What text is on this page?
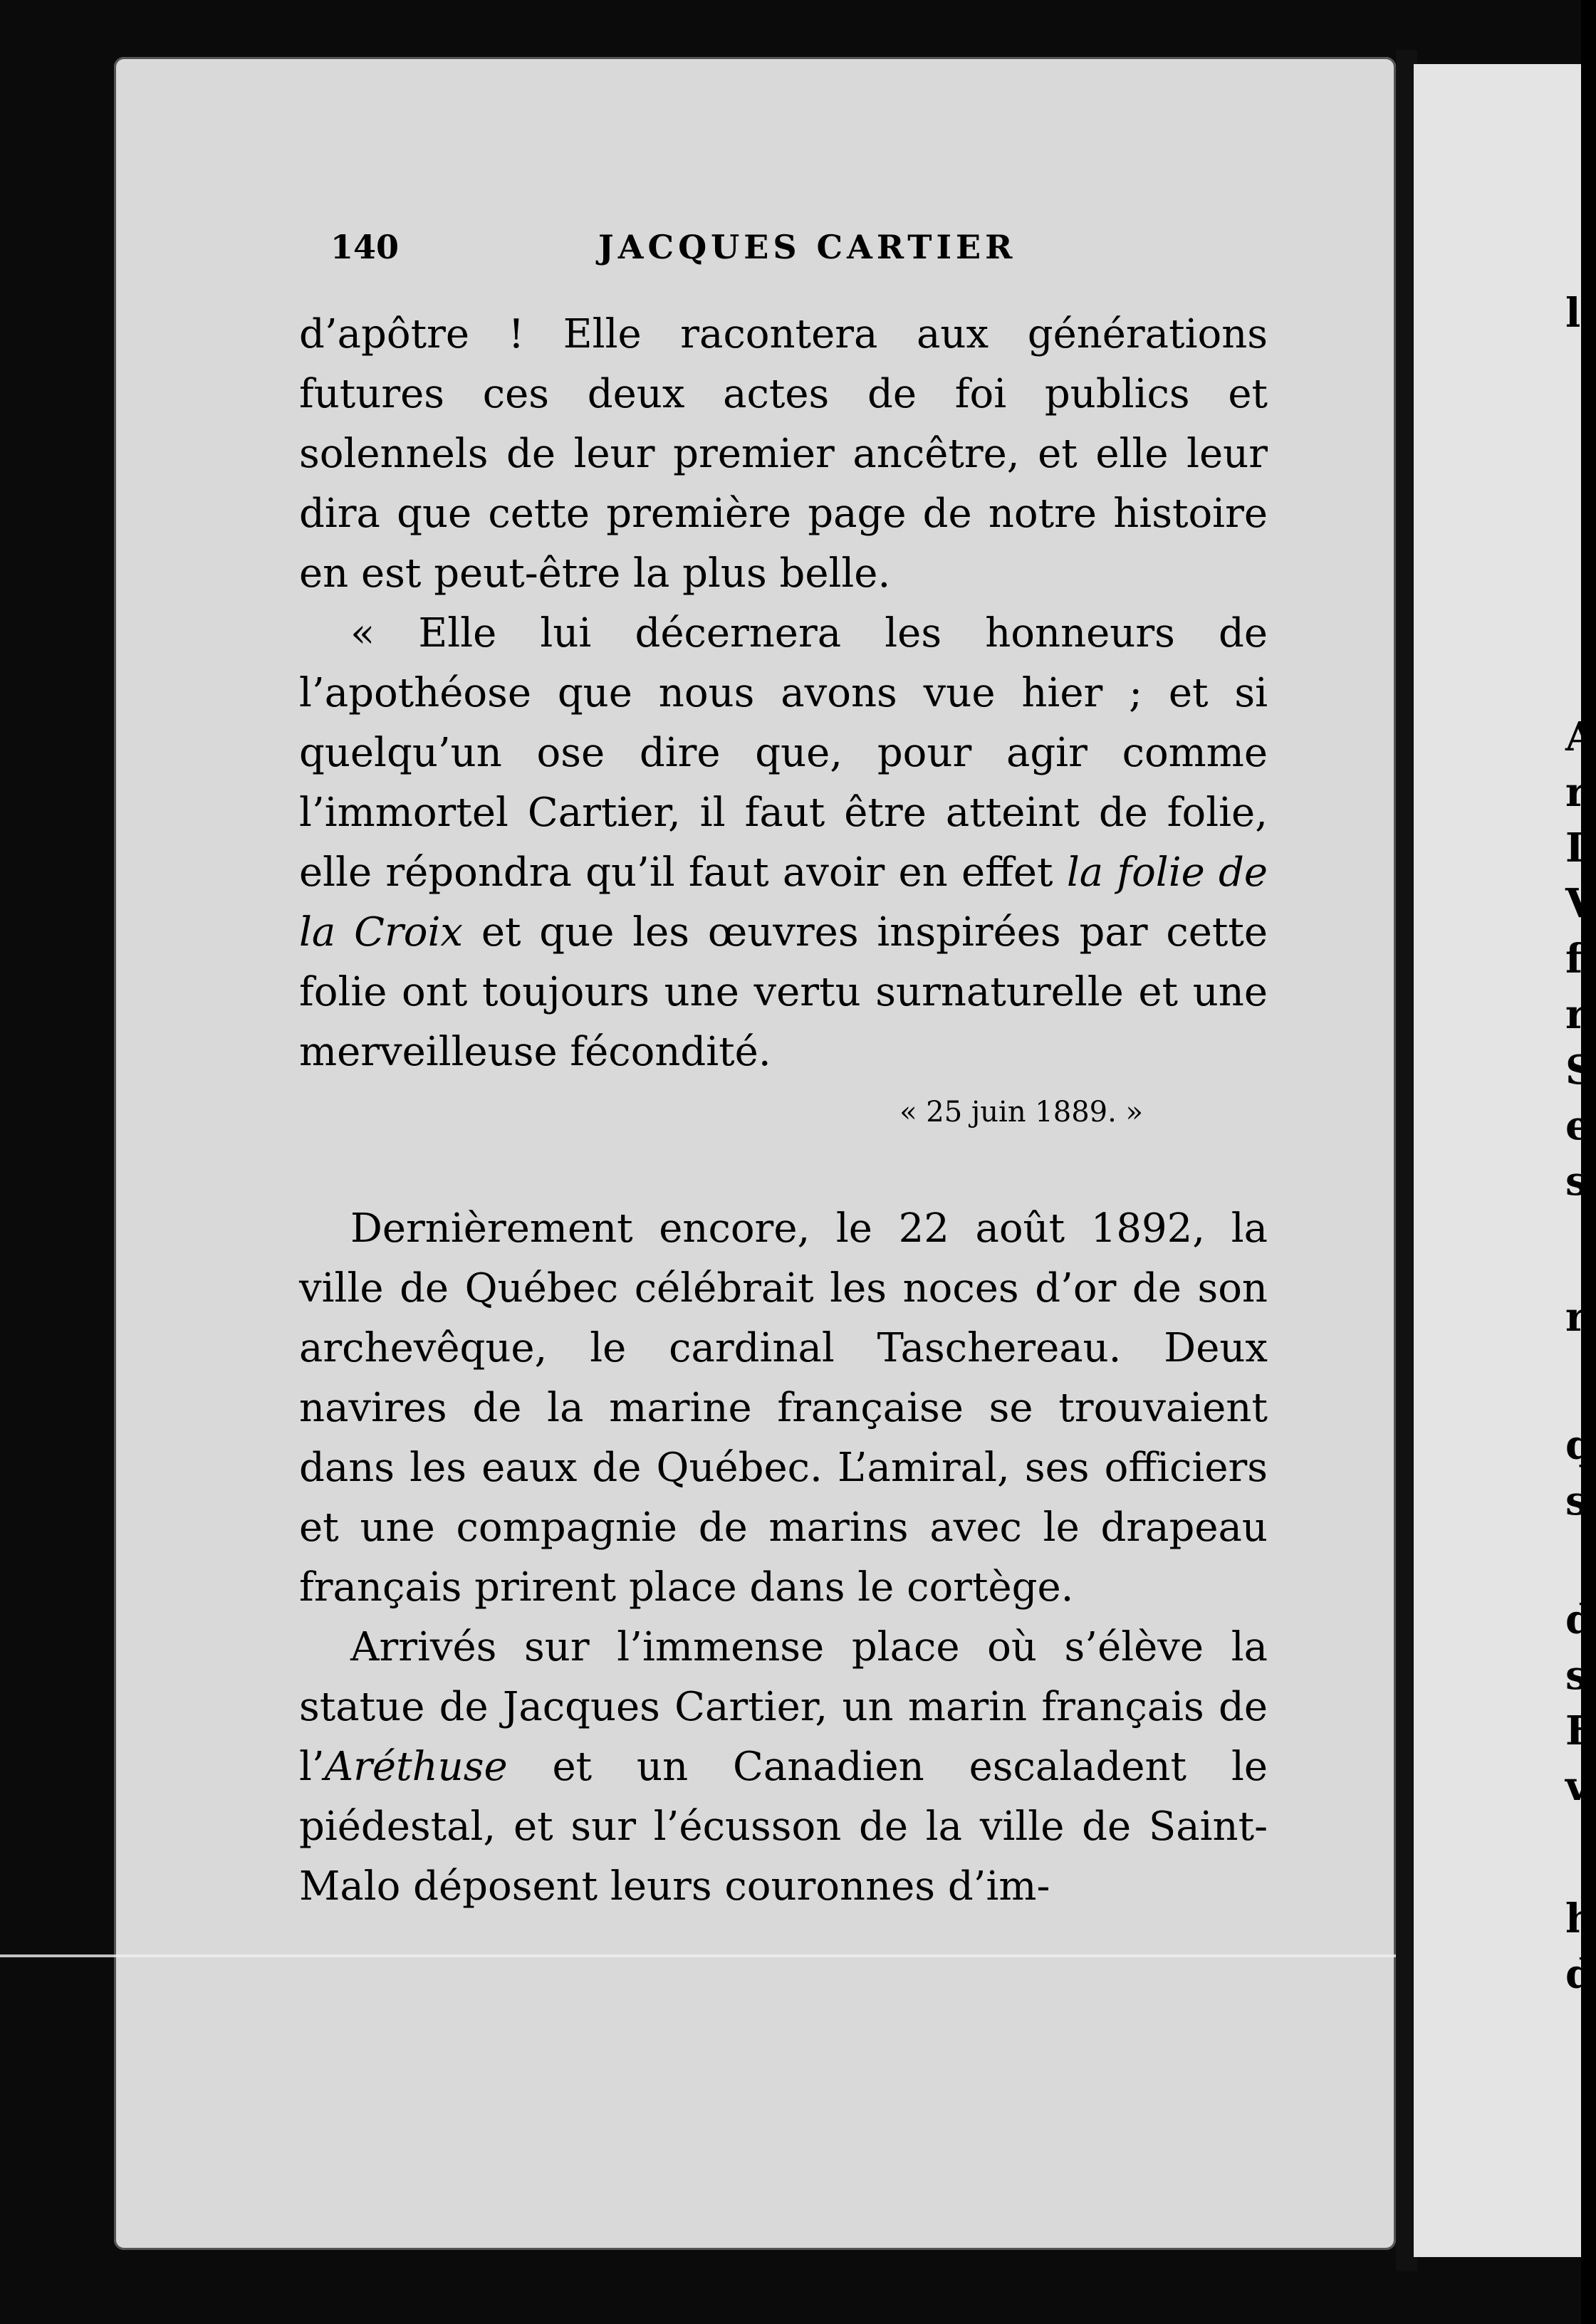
140	JACQUES CARTIER

d’apôtre ! Elle racontera aux générations futures ces deux actes de foi publics et solennels de leur premier ancêtre, et elle leur dira que cette première page de notre histoire en est peut-être la plus belle.

« Elle lui décernera les honneurs de l’apothéose que nous avons vue hier ; et si quelqu’un ose dire que, pour agir comme l’immortel Cartier, il faut être atteint de folie, elle répondra qu’il faut avoir en effet la folie de la Croix et que les œuvres inspirées par cette folie ont toujours une vertu surnaturelle et une merveilleuse fécondité.

« 25 juin 1889. »

Dernièrement encore, le 22 août 1892, la ville de Québec célébrait les noces d’or de son archevêque, le cardinal Taschereau. Deux navires de la marine française se trouvaient dans les eaux de Québec. L’amiral, ses officiers et une compagnie de marins avec le drapeau français prirent place dans le cortège.

Arrivés sur l’immense place où s’élève la statue de Jacques Cartier, un marin français de l’Aréthuse et un Canadien escaladent le piédestal, et sur l’écusson de la ville de Saint-Malo déposent leurs couronnes d’im-

l
A
r
I
V
f
r
S
e
s
r
q
s
d
s
F
v
h
d
